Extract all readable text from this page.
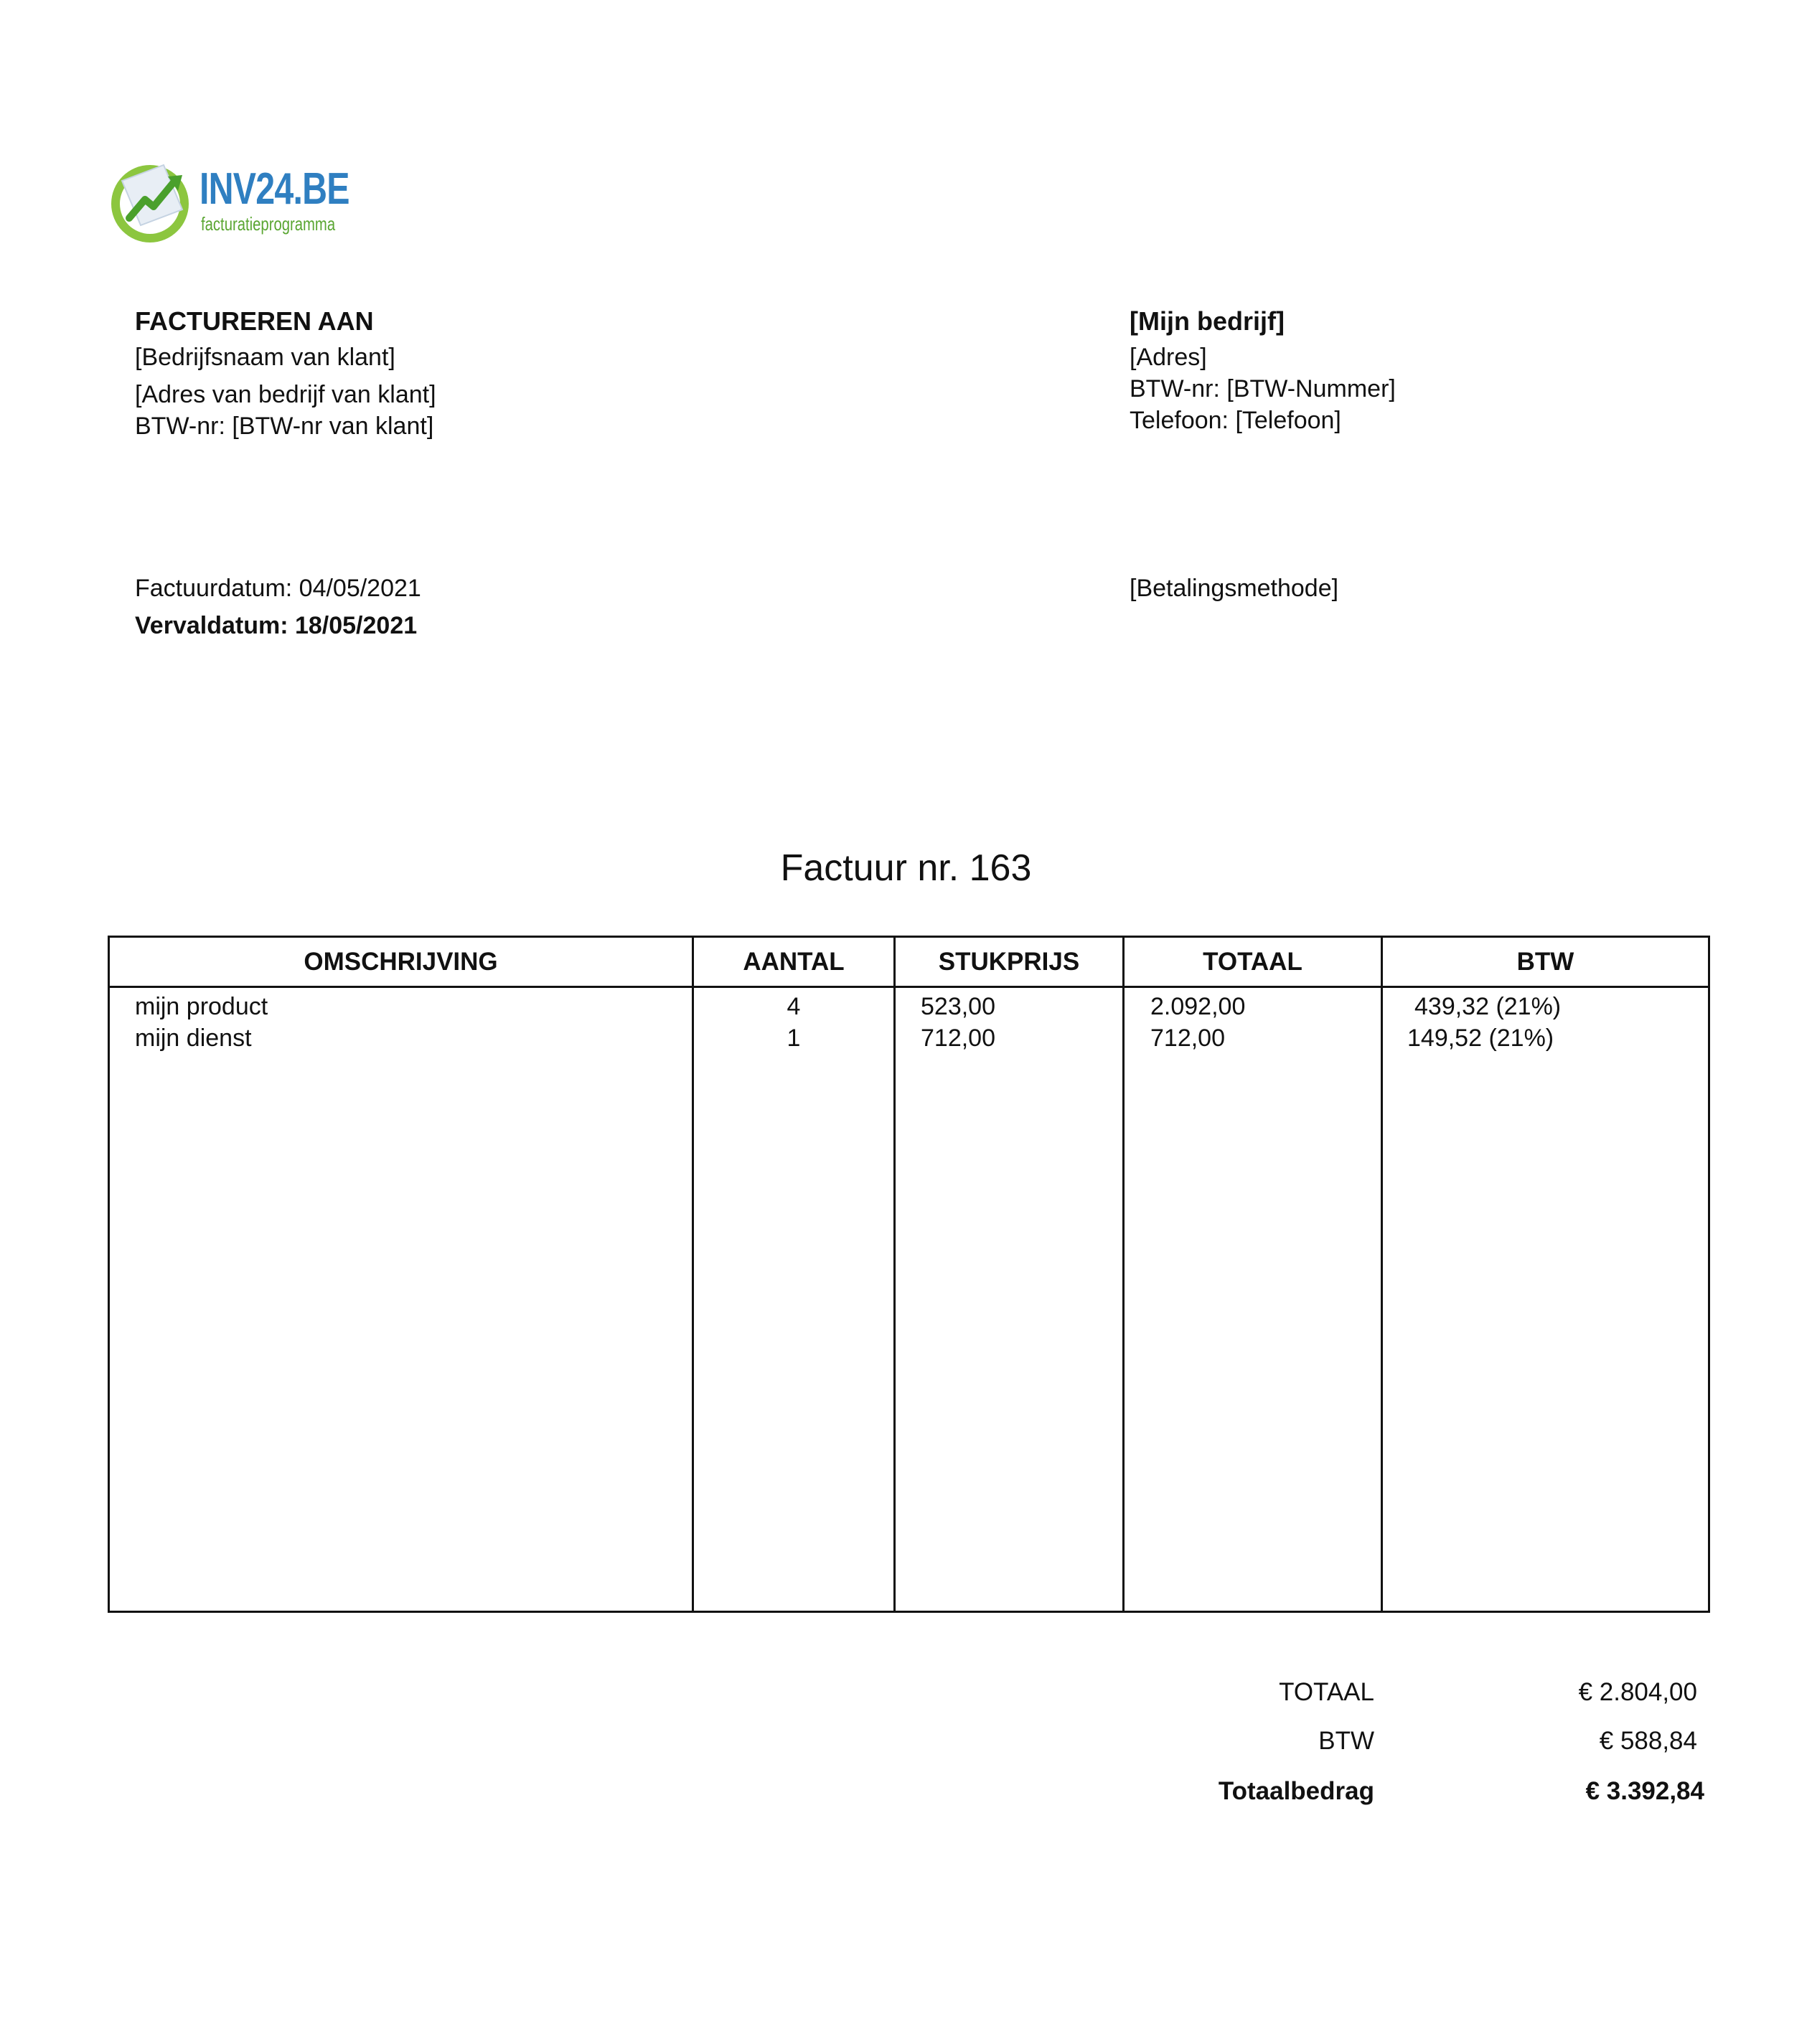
INV24.BE
facturatieprogramma
FACTUREREN AAN
[Bedrijfsnaam van klant]
[Adres van bedrijf van klant]
BTW-nr: [BTW-nr van klant]
[Mijn bedrijf]
[Adres]
BTW-nr: [BTW-Nummer]
Telefoon: [Telefoon]
Factuurdatum: 04/05/2021
Vervaldatum: 18/05/2021
[Betalingsmethode]
Factuur nr. 163
OMSCHRIJVING	AANTAL	STUKPRIJS	TOTAAL	BTW
mijn product	4	523,00	2.092,00	439,32 (21%)
mijn dienst	1	712,00	712,00	149,52 (21%)
TOTAAL	€ 2.804,00
BTW	€ 588,84
Totaalbedrag	€ 3.392,84
